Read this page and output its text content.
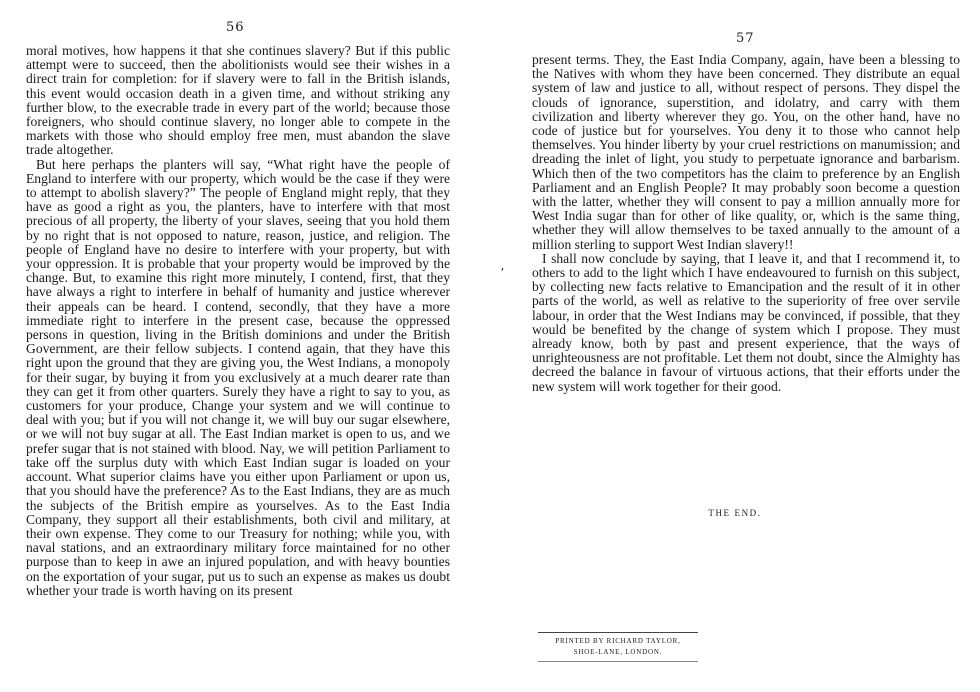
56

moral motives, how happens it that she continues slavery? But if this public attempt were to succeed, then the abolitionists would see their wishes in a direct train for completion: for if slavery were to fall in the British islands, this event would occasion death in a given time, and without striking any further blow, to the execrable trade in every part of the world; because those foreigners, who should continue slavery, no longer able to compete in the markets with those who should employ free men, must abandon the slave trade altogether.

But here perhaps the planters will say, “What right have the people of England to interfere with our property, which would be the case if they were to attempt to abolish slavery?” The people of England might reply, that they have as good a right as you, the planters, have to interfere with that most precious of all property, the liberty of your slaves, seeing that you hold them by no right that is not opposed to nature, reason, justice, and religion. The people of England have no desire to interfere with your property, but with your oppression. It is probable that your property would be improved by the change. But, to examine this right more minutely, I contend, first, that they have always a right to interfere in behalf of humanity and justice wherever their appeals can be heard. I contend, secondly, that they have a more immediate right to interfere in the present case, because the oppressed persons in question, living in the British dominions and under the British Government, are their fellow subjects. I contend again, that they have this right upon the ground that they are giving you, the West Indians, a monopoly for their sugar, by buying it from you exclusively at a much dearer rate than they can get it from other quarters. Surely they have a right to say to you, as customers for your produce, Change your system and we will continue to deal with you; but if you will not change it, we will buy our sugar elsewhere, or we will not buy sugar at all. The East Indian market is open to us, and we prefer sugar that is not stained with blood. Nay, we will petition Parliament to take off the surplus duty with which East Indian sugar is loaded on your account. What superior claims have you either upon Parliament or upon us, that you should have the preference? As to the East Indians, they are as much the subjects of the British empire as yourselves. As to the East India Company, they support all their establishments, both civil and military, at their own expense. They come to our Treasury for nothing; while you, with naval stations, and an extraordinary military force maintained for no other purpose than to keep in awe an injured population, and with heavy bounties on the exportation of your sugar, put us to such an expense as makes us doubt whether your trade is worth having on its present

ʼ
57

present terms. They, the East India Company, again, have been a blessing to the Natives with whom they have been concerned. They distribute an equal system of law and justice to all, without respect of persons. They dispel the clouds of ignorance, superstition, and idolatry, and carry with them civilization and liberty wherever they go. You, on the other hand, have no code of justice but for yourselves. You deny it to those who cannot help themselves. You hinder liberty by your cruel restrictions on manumission; and dreading the inlet of light, you study to perpetuate ignorance and barbarism. Which then of the two competitors has the claim to preference by an English Parliament and an English People? It may probably soon become a question with the latter, whether they will consent to pay a million annually more for West India sugar than for other of like quality, or, which is the same thing, whether they will allow themselves to be taxed annually to the amount of a million sterling to support West Indian slavery!!

I shall now conclude by saying, that I leave it, and that I recommend it, to others to add to the light which I have endeavoured to furnish on this subject, by collecting new facts relative to Emancipation and the result of it in other parts of the world, as well as relative to the superiority of free over servile labour, in order that the West Indians may be convinced, if possible, that they would be benefited by the change of system which I propose. They must already know, both by past and present experience, that the ways of unrighteousness are not profitable. Let them not doubt, since the Almighty has decreed the balance in favour of virtuous actions, that their efforts under the new system will work together for their good.

THE END.
PRINTED BY RICHARD TAYLOR,
SHOE-LANE, LONDON.
